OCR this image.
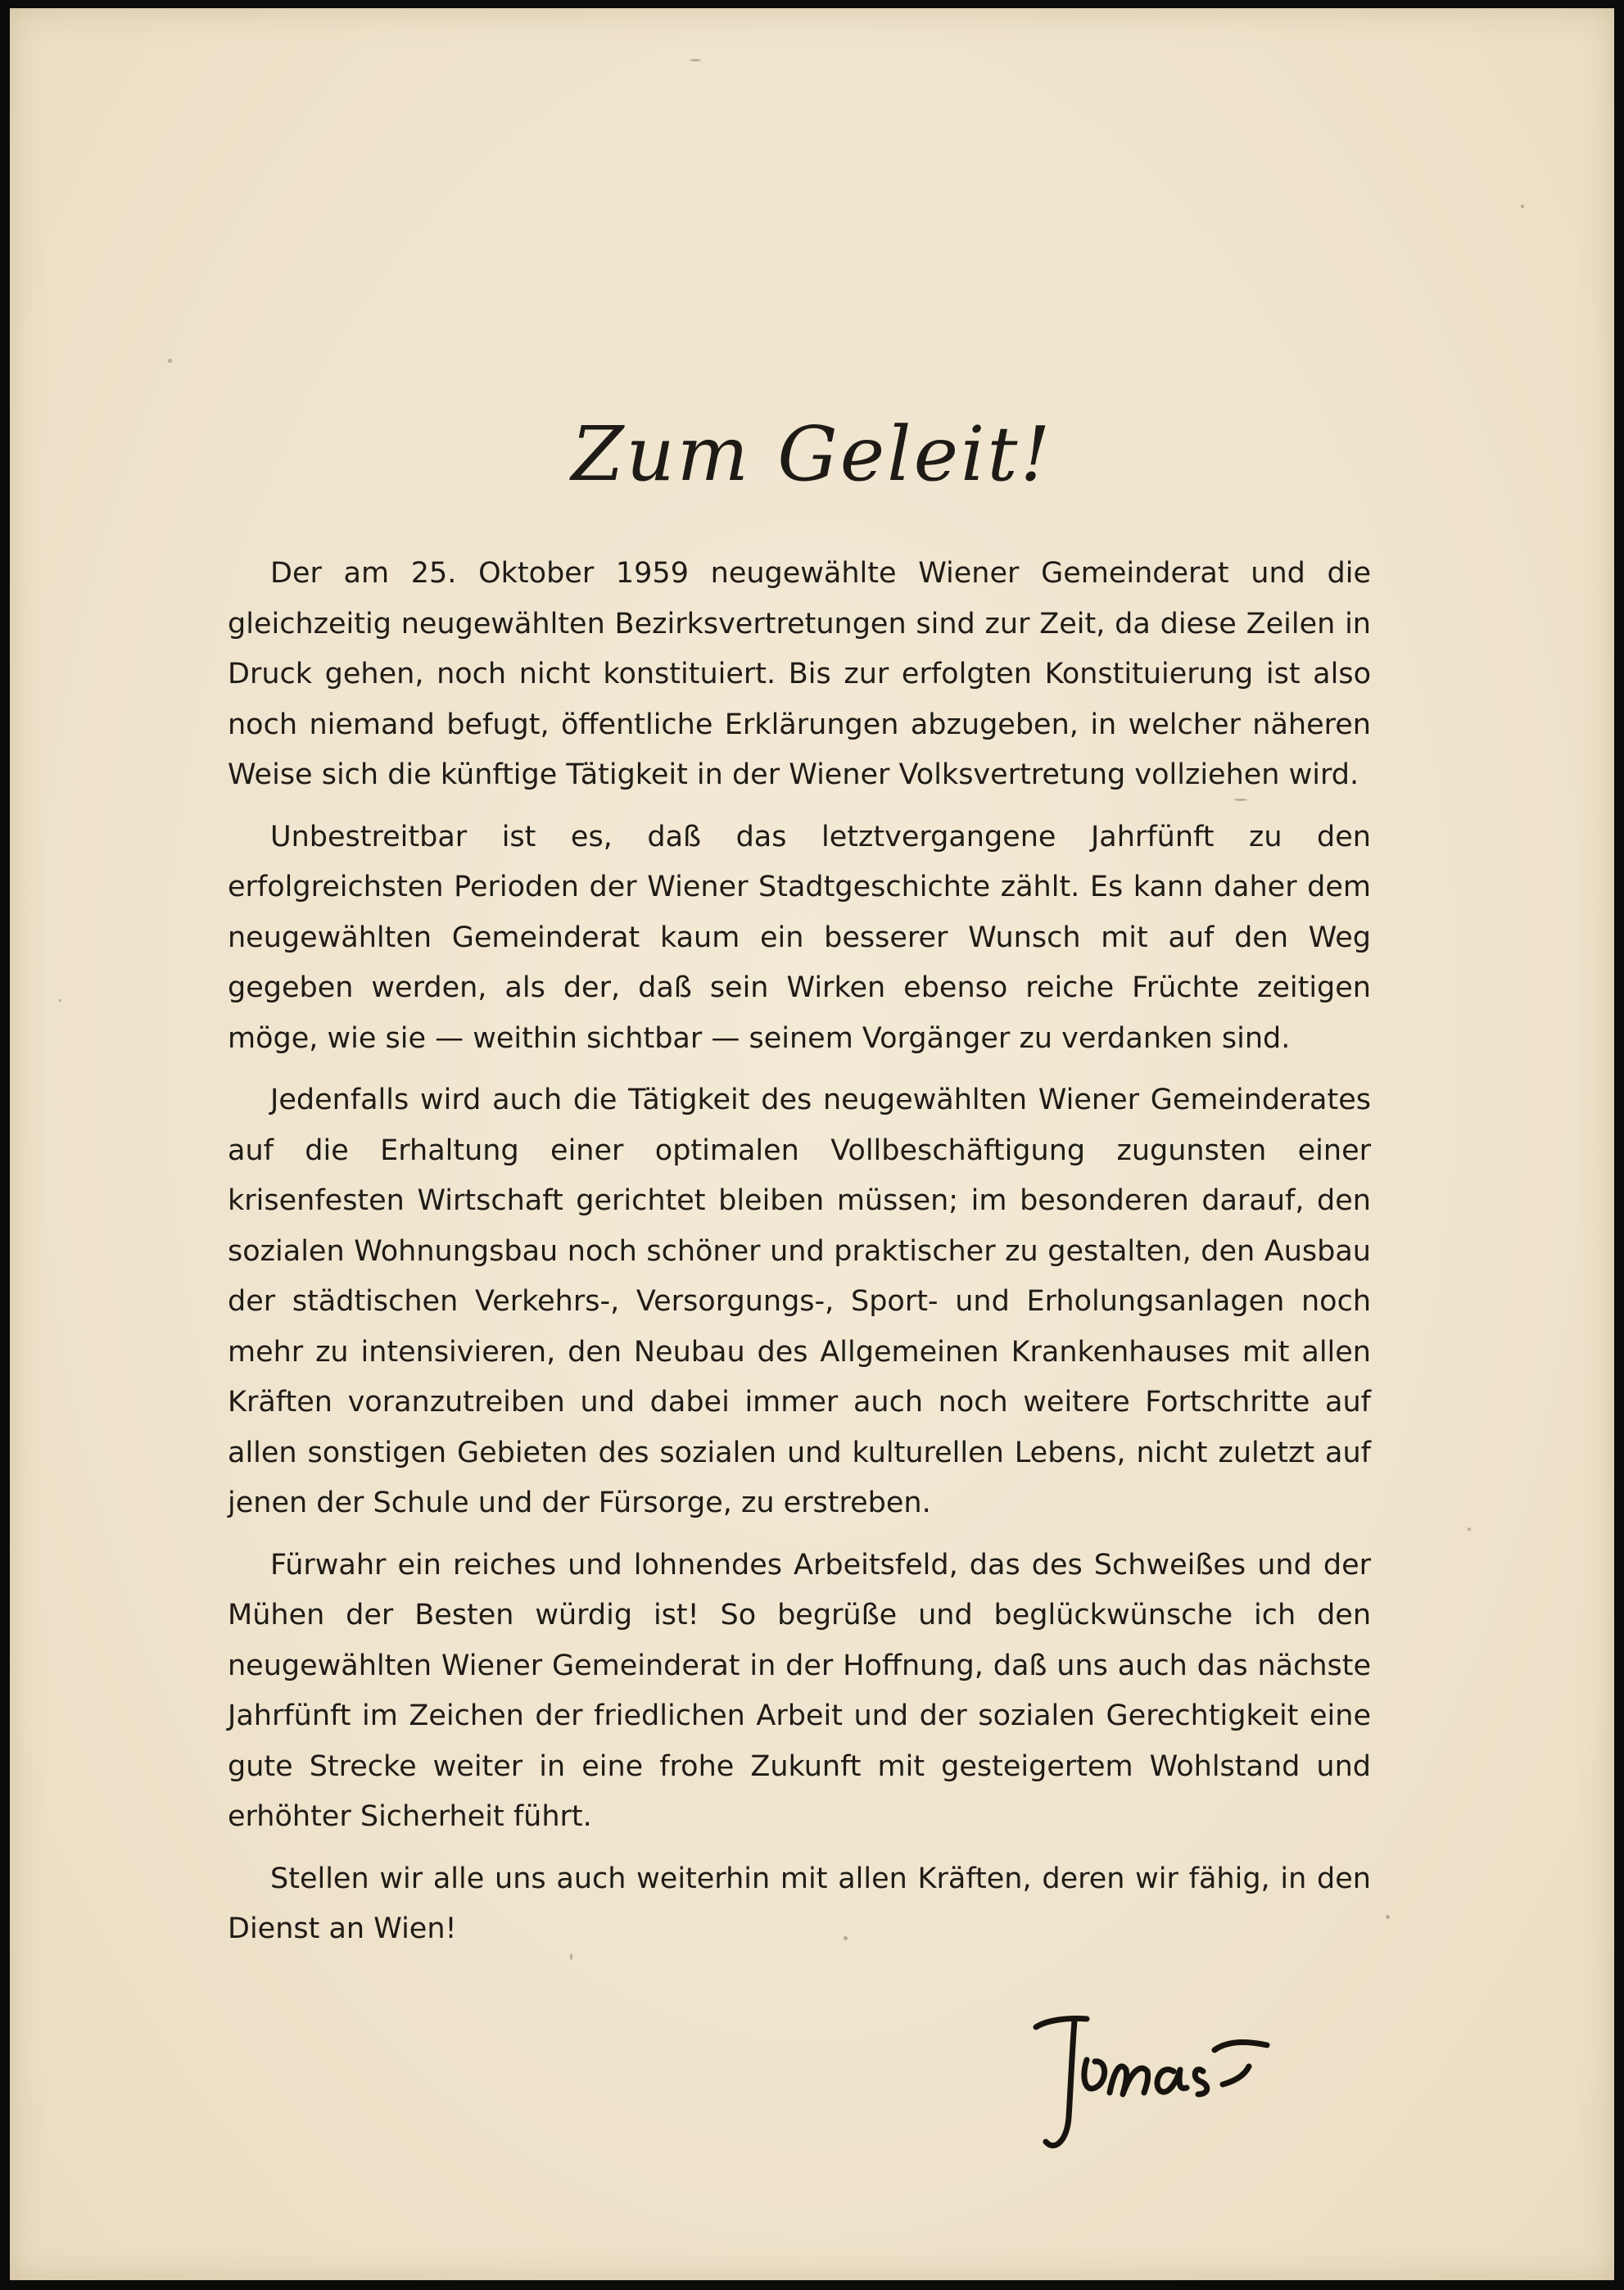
Zum Geleit!

Der am 25. Oktober 1959 neugewählte Wiener Gemeinderat und die gleichzeitig neugewählten Bezirksvertretungen sind zur Zeit, da diese Zeilen in Druck gehen, noch nicht konstituiert. Bis zur erfolgten Konstituierung ist also noch niemand befugt, öffentliche Erklärungen abzugeben, in welcher näheren Weise sich die künftige Tätigkeit in der Wiener Volksvertretung vollziehen wird.

Unbestreitbar ist es, daß das letztvergangene Jahrfünft zu den erfolgreichsten Perioden der Wiener Stadtgeschichte zählt. Es kann daher dem neugewählten Gemeinderat kaum ein besserer Wunsch mit auf den Weg gegeben werden, als der, daß sein Wirken ebenso reiche Früchte zeitigen möge, wie sie — weithin sichtbar — seinem Vorgänger zu verdanken sind.

Jedenfalls wird auch die Tätigkeit des neugewählten Wiener Gemeinderates auf die Erhaltung einer optimalen Vollbeschäftigung zugunsten einer krisenfesten Wirtschaft gerichtet bleiben müssen; im besonderen darauf, den sozialen Wohnungsbau noch schöner und praktischer zu gestalten, den Ausbau der städtischen Verkehrs-, Versorgungs-, Sport- und Erholungsanlagen noch mehr zu intensivieren, den Neubau des Allgemeinen Krankenhauses mit allen Kräften voranzutreiben und dabei immer auch noch weitere Fortschritte auf allen sonstigen Gebieten des sozialen und kulturellen Lebens, nicht zuletzt auf jenen der Schule und der Fürsorge, zu erstreben.

Fürwahr ein reiches und lohnendes Arbeitsfeld, das des Schweißes und der Mühen der Besten würdig ist! So begrüße und beglückwünsche ich den neugewählten Wiener Gemeinderat in der Hoffnung, daß uns auch das nächste Jahrfünft im Zeichen der friedlichen Arbeit und der sozialen Gerechtigkeit eine gute Strecke weiter in eine frohe Zukunft mit gesteigertem Wohlstand und erhöhter Sicherheit führt.

Stellen wir alle uns auch weiterhin mit allen Kräften, deren wir fähig, in den Dienst an Wien!
